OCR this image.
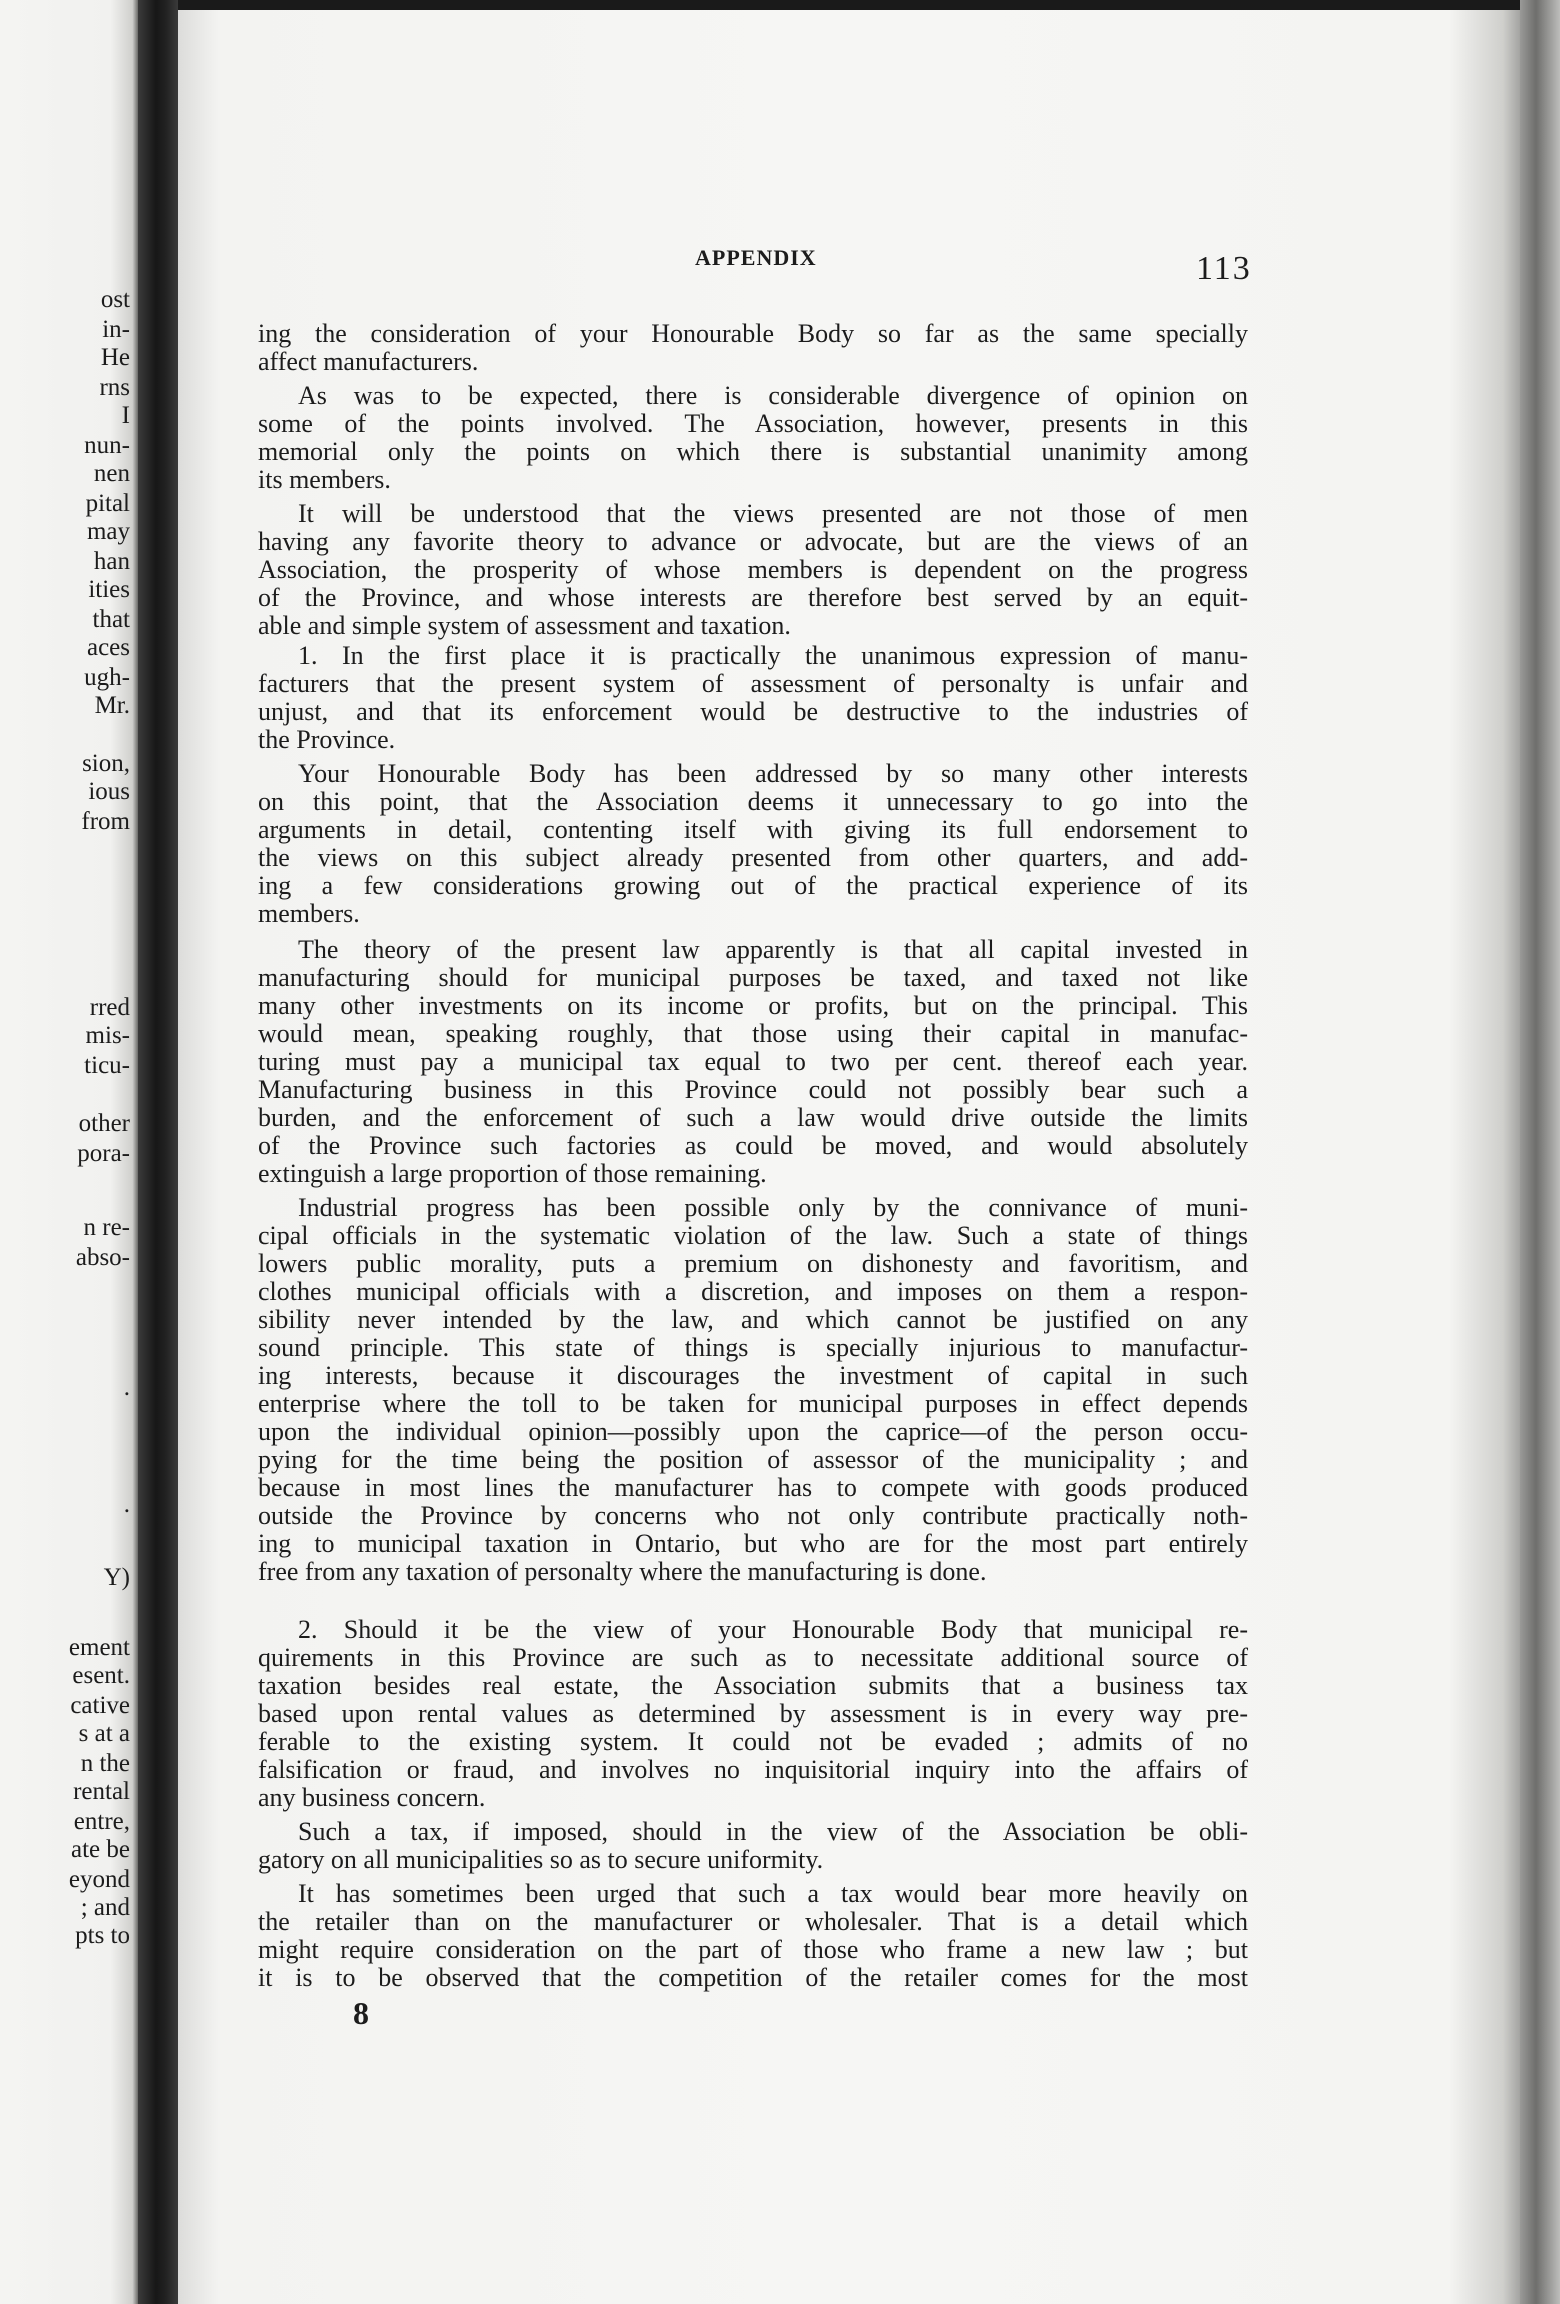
ost
in-
He
rns
I
nun-
nen
pital
may
han
ities
that
aces
ugh-
Mr.
sion,
ious
from
rred
mis-
ticu-
other
pora-
n re-
abso-
.
.
Y)
ement
esent.
cative
s at a
n the
rental
entre,
ate be
eyond
; and
pts to
APPENDIX	113
ing the consideration of your Honourable Body so far as the same specially
affect manufacturers.
As was to be expected, there is considerable divergence of opinion on
some of the points involved. The Association, however, presents in this
memorial only the points on which there is substantial unanimity among
its members.
It will be understood that the views presented are not those of men
having any favorite theory to advance or advocate, but are the views of an
Association, the prosperity of whose members is dependent on the progress
of the Province, and whose interests are therefore best served by an equit-
able and simple system of assessment and taxation.
1. In the first place it is practically the unanimous expression of manu-
facturers that the present system of assessment of personalty is unfair and
unjust, and that its enforcement would be destructive to the industries of
the Province.
Your Honourable Body has been addressed by so many other interests
on this point, that the Association deems it unnecessary to go into the
arguments in detail, contenting itself with giving its full endorsement to
the views on this subject already presented from other quarters, and add-
ing a few considerations growing out of the practical experience of its
members.
The theory of the present law apparently is that all capital invested in
manufacturing should for municipal purposes be taxed, and taxed not like
many other investments on its income or profits, but on the principal. This
would mean, speaking roughly, that those using their capital in manufac-
turing must pay a municipal tax equal to two per cent. thereof each year.
Manufacturing business in this Province could not possibly bear such a
burden, and the enforcement of such a law would drive outside the limits
of the Province such factories as could be moved, and would absolutely
extinguish a large proportion of those remaining.
Industrial progress has been possible only by the connivance of muni-
cipal officials in the systematic violation of the law. Such a state of things
lowers public morality, puts a premium on dishonesty and favoritism, and
clothes municipal officials with a discretion, and imposes on them a respon-
sibility never intended by the law, and which cannot be justified on any
sound principle. This state of things is specially injurious to manufactur-
ing interests, because it discourages the investment of capital in such
enterprise where the toll to be taken for municipal purposes in effect depends
upon the individual opinion—possibly upon the caprice—of the person occu-
pying for the time being the position of assessor of the municipality ; and
because in most lines the manufacturer has to compete with goods produced
outside the Province by concerns who not only contribute practically noth-
ing to municipal taxation in Ontario, but who are for the most part entirely
free from any taxation of personalty where the manufacturing is done.
2. Should it be the view of your Honourable Body that municipal re-
quirements in this Province are such as to necessitate additional source of
taxation besides real estate, the Association submits that a business tax
based upon rental values as determined by assessment is in every way pre-
ferable to the existing system. It could not be evaded ; admits of no
falsification or fraud, and involves no inquisitorial inquiry into the affairs of
any business concern.
Such a tax, if imposed, should in the view of the Association be obli-
gatory on all municipalities so as to secure uniformity.
It has sometimes been urged that such a tax would bear more heavily on
the retailer than on the manufacturer or wholesaler. That is a detail which
might require consideration on the part of those who frame a new law ; but
it is to be observed that the competition of the retailer comes for the most
8
